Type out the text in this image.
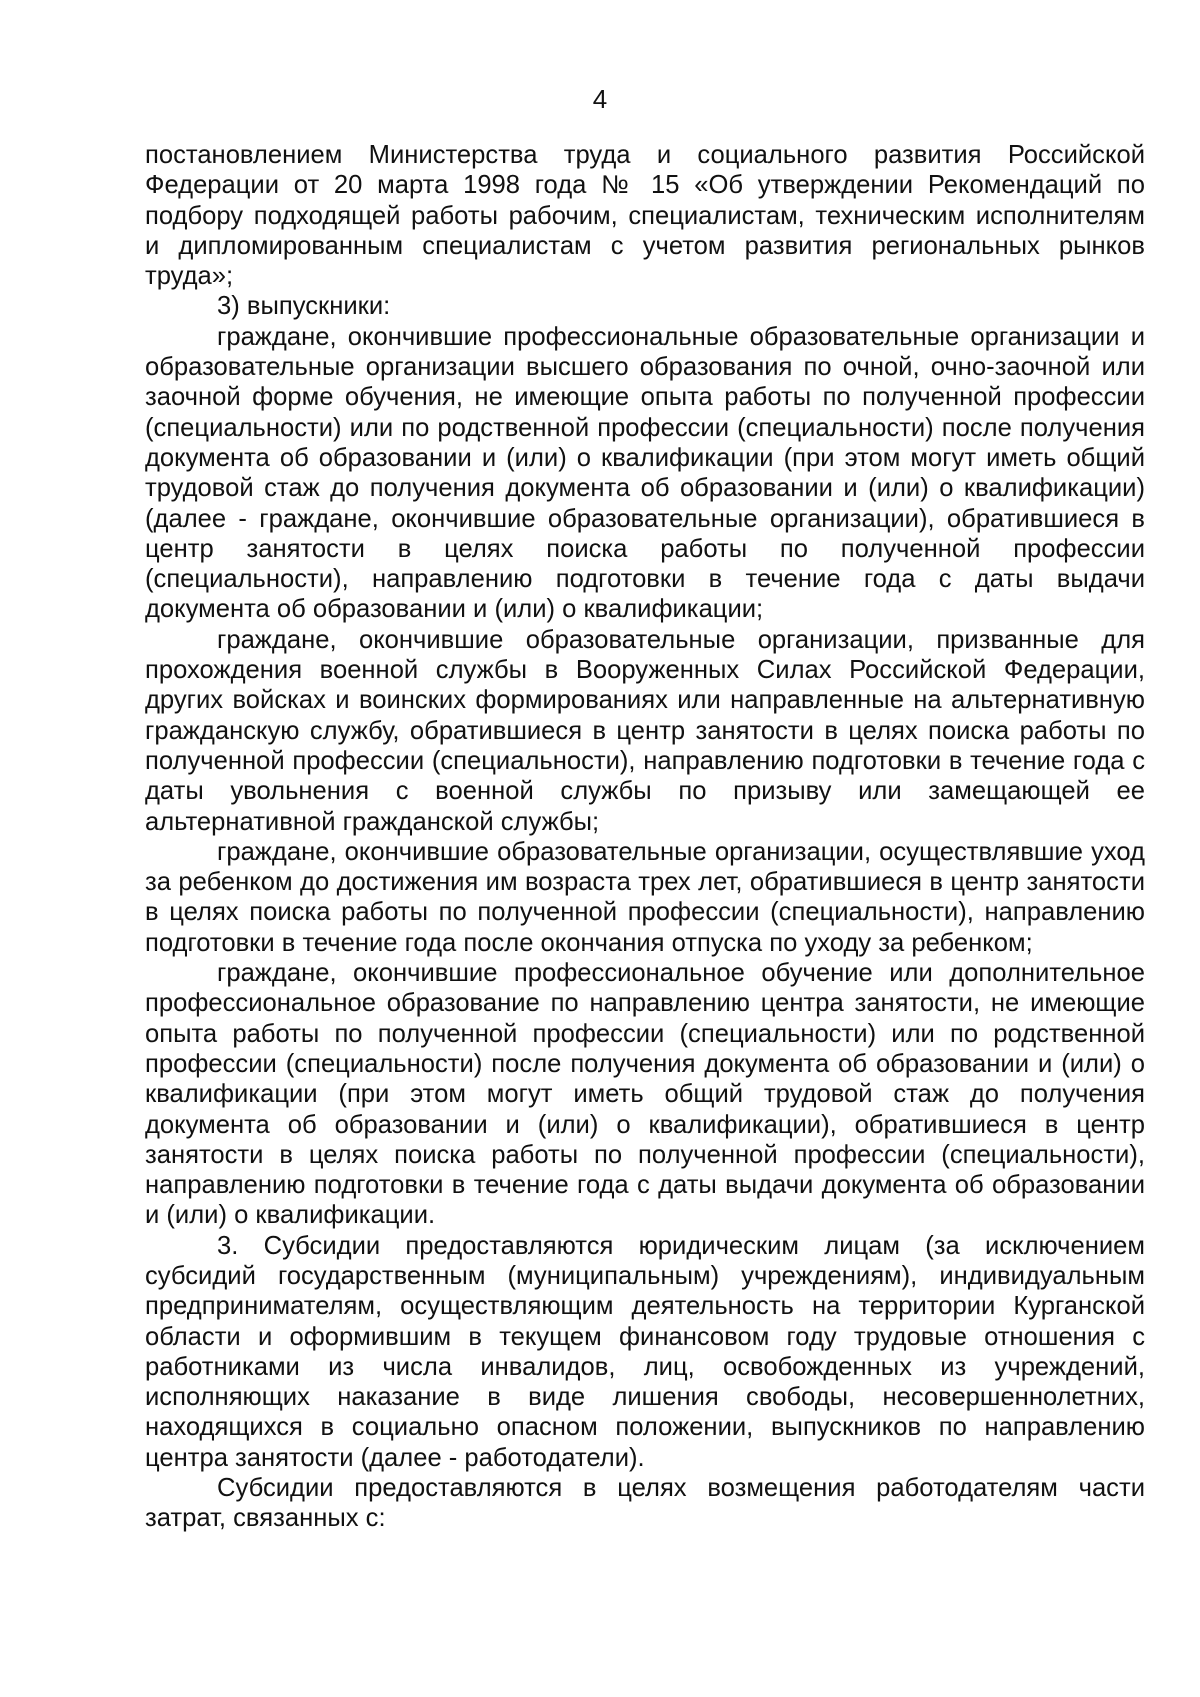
4

постановлением Министерства труда и социального развития Российской Федерации от 20 марта 1998 года № 15 «Об утверждении Рекомендаций по подбору подходящей работы рабочим, специалистам, техническим исполнителям и дипломированным специалистам с учетом развития региональных рынков труда»;

3) выпускники:

граждане, окончившие профессиональные образовательные организации и образовательные организации высшего образования по очной, очно-заочной или заочной форме обучения, не имеющие опыта работы по полученной профессии (специальности) или по родственной профессии (специальности) после получения документа об образовании и (или) о квалификации (при этом могут иметь общий трудовой стаж до получения документа об образовании и (или) о квалификации) (далее - граждане, окончившие образовательные организации), обратившиеся в центр занятости в целях поиска работы по полученной профессии (специальности), направлению подготовки в течение года с даты выдачи документа об образовании и (или) о квалификации;

граждане, окончившие образовательные организации, призванные для прохождения военной службы в Вооруженных Силах Российской Федерации, других войсках и воинских формированиях или направленные на альтернативную гражданскую службу, обратившиеся в центр занятости в целях поиска работы по полученной профессии (специальности), направлению подготовки в течение года с даты увольнения с военной службы по призыву или замещающей ее альтернативной гражданской службы;

граждане, окончившие образовательные организации, осуществлявшие уход за ребенком до достижения им возраста трех лет, обратившиеся в центр занятости в целях поиска работы по полученной профессии (специальности), направлению подготовки в течение года после окончания отпуска по уходу за ребенком;

граждане, окончившие профессиональное обучение или дополнительное профессиональное образование по направлению центра занятости, не имеющие опыта работы по полученной профессии (специальности) или по родственной профессии (специальности) после получения документа об образовании и (или) о квалификации (при этом могут иметь общий трудовой стаж до получения документа об образовании и (или) о квалификации), обратившиеся в центр занятости в целях поиска работы по полученной профессии (специальности), направлению подготовки в течение года с даты выдачи документа об образовании и (или) о квалификации.

3. Субсидии предоставляются юридическим лицам (за исключением субсидий государственным (муниципальным) учреждениям), индивидуальным предпринимателям, осуществляющим деятельность на территории Курганской области и оформившим в текущем финансовом году трудовые отношения с работниками из числа инвалидов, лиц, освобожденных из учреждений, исполняющих наказание в виде лишения свободы, несовершеннолетних, находящихся в социально опасном положении, выпускников по направлению центра занятости (далее - работодатели).

Субсидии предоставляются в целях возмещения работодателям части затрат, связанных с:
